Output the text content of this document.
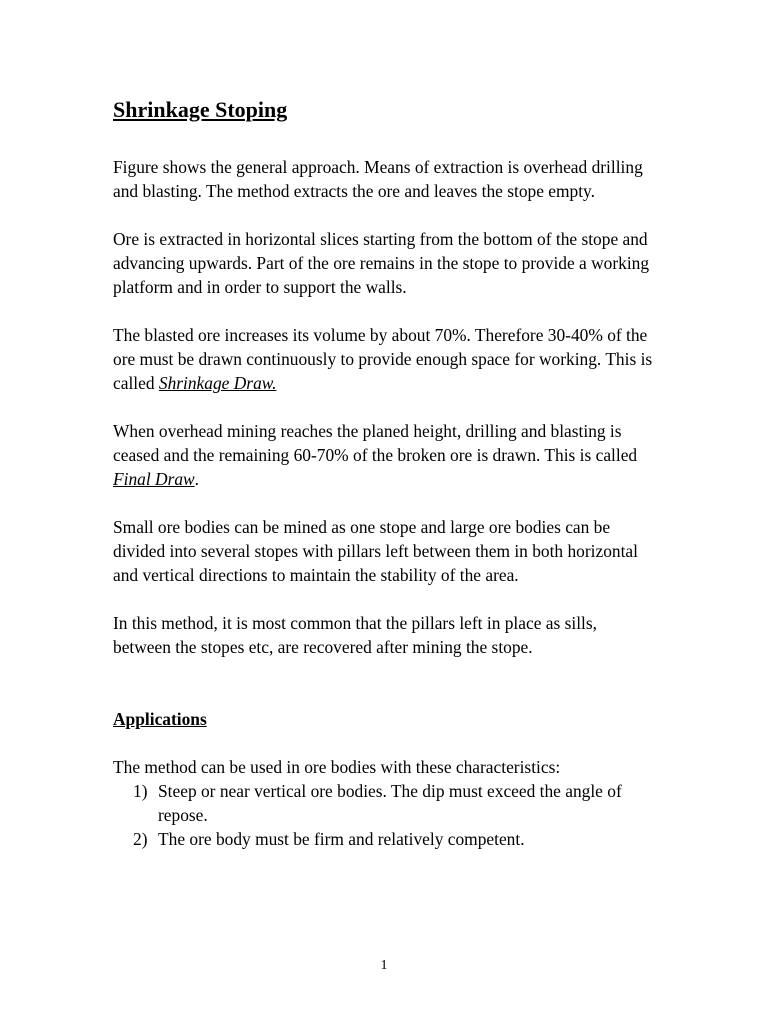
Shrinkage Stoping

Figure shows the general approach. Means of extraction is overhead drilling and blasting. The method extracts the ore and leaves the stope empty.

Ore is extracted in horizontal slices starting from the bottom of the stope and advancing upwards. Part of the ore remains in the stope to provide a working platform and in order to support the walls.

The blasted ore increases its volume by about 70%. Therefore 30-40% of the ore must be drawn continuously to provide enough space for working. This is called Shrinkage Draw.

When overhead mining reaches the planed height, drilling and blasting is ceased and the remaining 60-70% of the broken ore is drawn. This is called Final Draw.

Small ore bodies can be mined as one stope and large ore bodies can be divided into several stopes with pillars left between them in both horizontal and vertical directions to maintain the stability of the area.

In this method, it is most common that the pillars left in place as sills, between the stopes etc, are recovered after mining the stope.

Applications

The method can be used in ore bodies with these characteristics:

1) Steep or near vertical ore bodies. The dip must exceed the angle of repose.
2) The ore body must be firm and relatively competent.
1
